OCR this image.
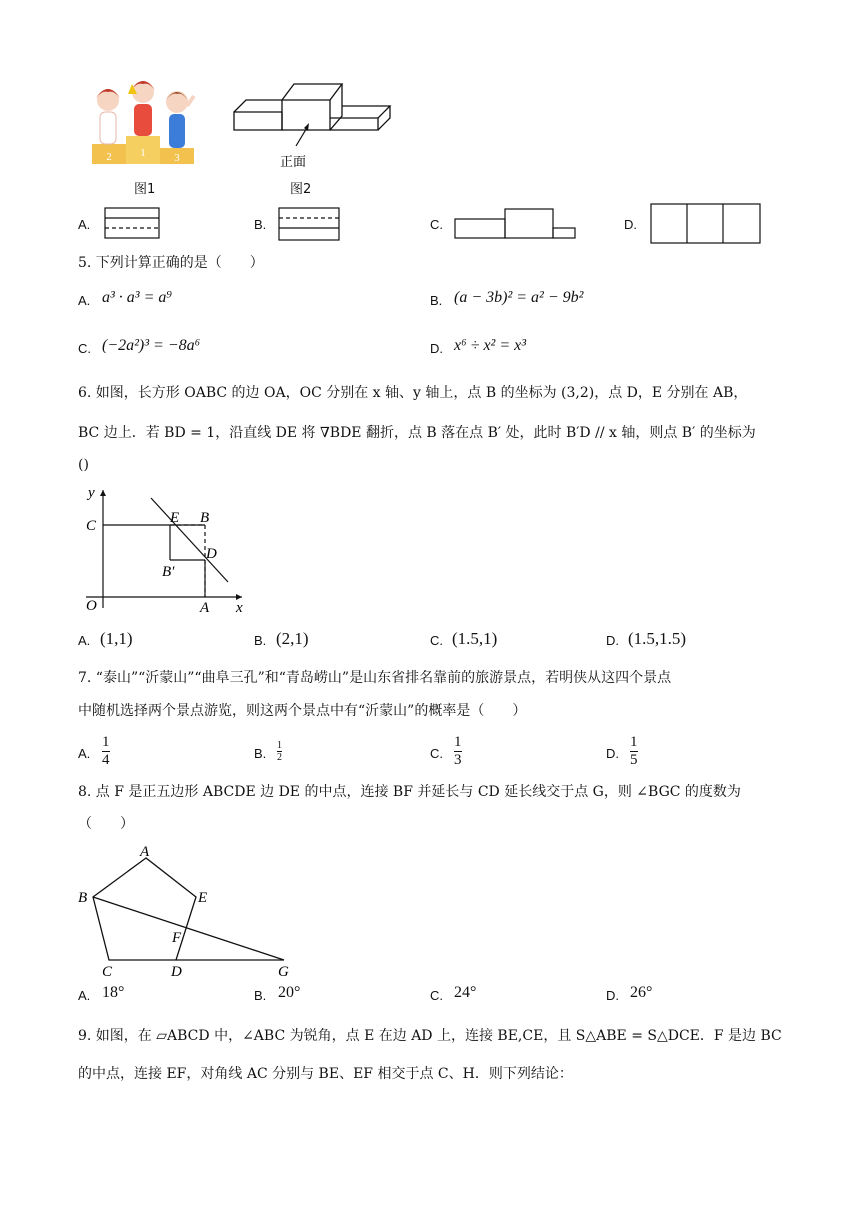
2	1	3	正面
图1	图2
A.	B.	C.	D.
5. 下列计算正确的是（　　）
A. a³ · a³ = a⁹	B. (a − 3b)² = a² − 9b²
C. (−2a²)³ = −8a⁶	D. x⁶ ÷ x² = x³
6. 如图，长方形 OABC 的边 OA，OC 分别在 x 轴、y 轴上，点 B 的坐标为 (3,2)，点 D，E 分别在 AB，
BC 边上．若 BD = 1，沿直线 DE 将 ∇BDE 翻折，点 B 落在点 B′ 处，此时 B′D // x 轴，则点 B′ 的坐标为
()
y
x
O	A
C	E B
D
B′
A. (1,1)	B. (2,1)	C. (1.5,1)	D. (1.5,1.5)
7. “泰山”“沂蒙山”“曲阜三孔”和“青岛崂山”是山东省排名靠前的旅游景点，若明侠从这四个景点
中随机选择两个景点游览，则这两个景点中有“沂蒙山”的概率是（　　）
A.
1
4	B.
1
2	C.
1
3	D.
1
5
8. 点 F 是正五边形 ABCDE 边 DE 的中点，连接 BF 并延长与 CD 延长线交于点 G，则 ∠BGC 的度数为
（　　）
A
B	E
F
C	D	G
A. 18°	B. 20°	C. 24°	D. 26°
9. 如图，在 ▱ABCD 中，∠ABC 为锐角，点 E 在边 AD 上，连接 BE,CE，且 S△ABE = S△DCE．F 是边 BC
的中点，连接 EF，对角线 AC 分别与 BE、EF 相交于点 C、H．则下列结论：
